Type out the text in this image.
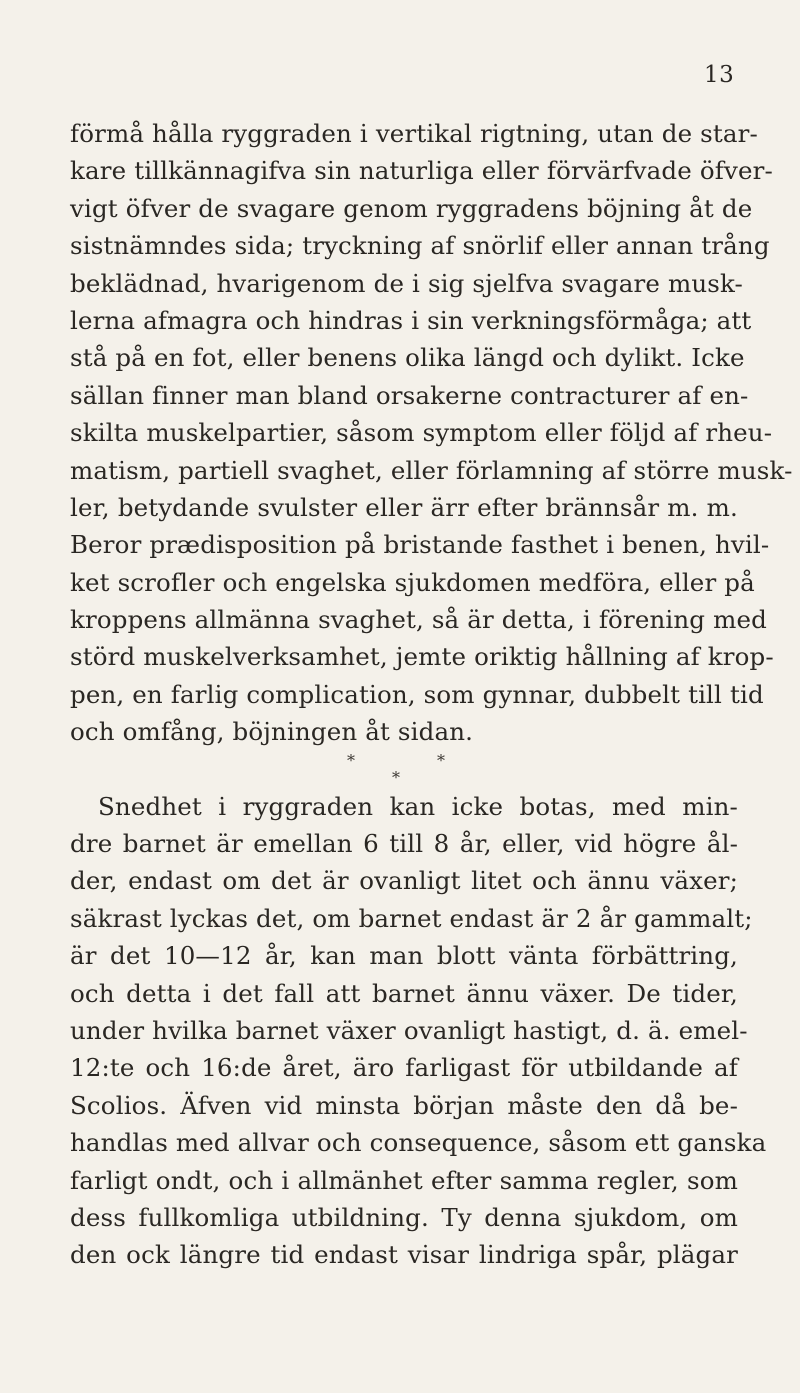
13
förmå hålla ryggraden i vertikal rigtning, utan de star-
kare tillkännagifva sin naturliga eller förvärfvade öfver-
vigt öfver de svagare genom ryggradens böjning åt de
sistnämndes sida; tryckning af snörlif eller annan trång
beklädnad, hvarigenom de i sig sjelfva svagare musk-
lerna afmagra och hindras i sin verkningsförmåga; att
stå på en fot, eller benens olika längd och dylikt. Icke
sällan finner man bland orsakerne contracturer af en-
skilta muskelpartier, såsom symptom eller följd af rheu-
matism, partiell svaghet, eller förlamning af större musk-
ler, betydande svulster eller ärr efter brännsår m. m.
Beror prædisposition på bristande fasthet i benen, hvil-
ket scrofler och engelska sjukdomen medföra, eller på
kroppens allmänna svaghet, så är detta, i förening med
störd muskelverksamhet, jemte oriktig hållning af krop-
pen, en farlig complication, som gynnar, dubbelt till tid
och omfång, böjningen åt sidan.
*	*
*
Snedhet i ryggraden kan icke botas, med min-
dre barnet är emellan 6 till 8 år, eller, vid högre ål-
der, endast om det är ovanligt litet och ännu växer;
säkrast lyckas det, om barnet endast är 2 år gammalt;
är det 10—12 år, kan man blott vänta förbättring,
och detta i det fall att barnet ännu växer. De tider,
under hvilka barnet växer ovanligt hastigt, d. ä. emel-
12:te och 16:de året, äro farligast för utbildande af
Scolios. Äfven vid minsta början måste den då be-
handlas med allvar och consequence, såsom ett ganska
farligt ondt, och i allmänhet efter samma regler, som
dess fullkomliga utbildning. Ty denna sjukdom, om
den ock längre tid endast visar lindriga spår, plägar
